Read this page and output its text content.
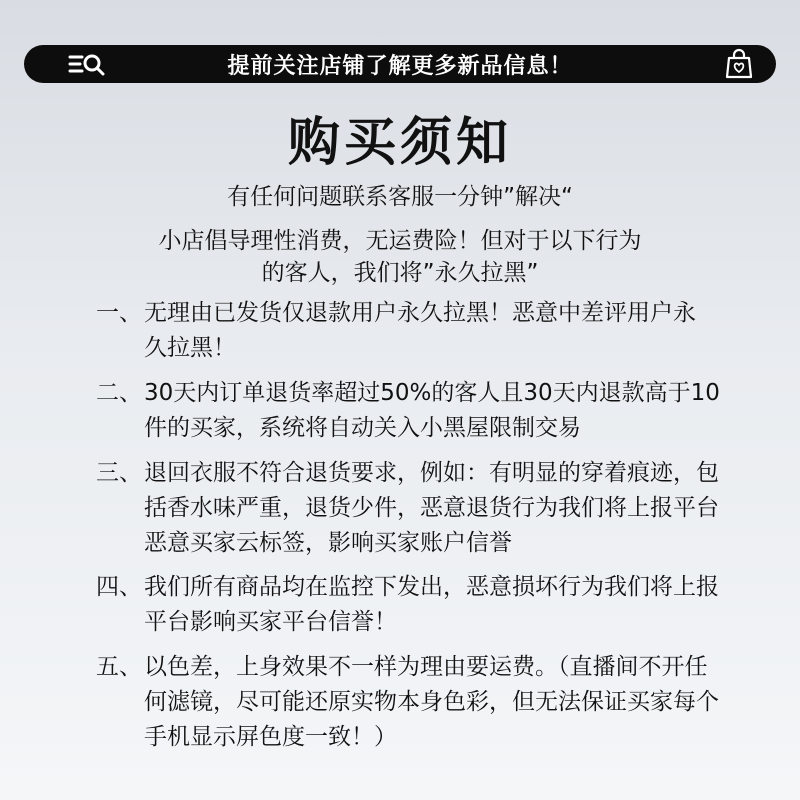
提前关注店铺了解更多新品信息！
购买须知
有任何问题联系客服一分钟”解决“
小店倡导理性消费，无运费险！但对于以下行为
的客人，我们将”永久拉黑”
一、 无理由已发货仅退款用户永久拉黑！恶意中差评用户永久拉黑！
二、 30天内订单退货率超过50%的客人且30天内退款高于10件的买家，系统将自动关入小黑屋限制交易
三、 退回衣服不符合退货要求，例如：有明显的穿着痕迹，包括香水味严重，退货少件，恶意退货行为我们将上报平台恶意买家云标签，影响买家账户信誉
四、 我们所有商品均在监控下发出，恶意损坏行为我们将上报平台影响买家平台信誉！
五、 以色差，上身效果不一样为理由要运费。（直播间不开任何滤镜，尽可能还原实物本身色彩，但无法保证买家每个手机显示屏色度一致！）
